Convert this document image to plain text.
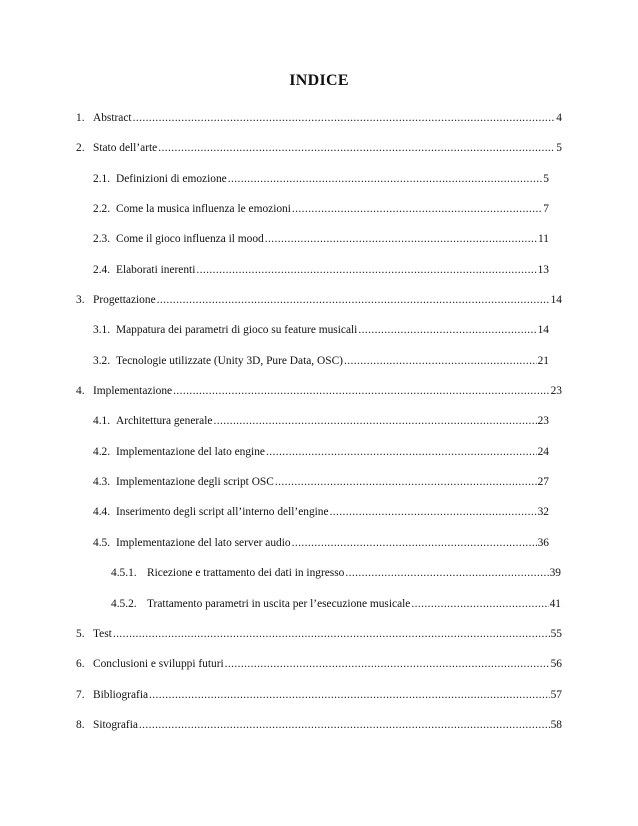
INDICE
1. Abstract .....	4
2. Stato dell’arte .....	5
2.1. Definizioni di emozione .....	5
2.2. Come la musica influenza le emozioni .....	7
2.3. Come il gioco influenza il mood .....	11
2.4. Elaborati inerenti .....	13
3. Progettazione .....	14
3.1. Mappatura dei parametri di gioco su feature musicali .....	14
3.2. Tecnologie utilizzate (Unity 3D, Pure Data, OSC) .....	21
4. Implementazione .....	23
4.1. Architettura generale .....	23
4.2. Implementazione del lato engine .....	24
4.3. Implementazione degli script OSC .....	27
4.4. Inserimento degli script all’interno dell’engine .....	32
4.5. Implementazione del lato server audio .....	36
4.5.1. Ricezione e trattamento dei dati in ingresso .....	39
4.5.2. Trattamento parametri in uscita per l’esecuzione musicale .....	41
5. Test .....	55
6. Conclusioni e sviluppi futuri .....	56
7. Bibliografia .....	57
8. Sitografia .....	58
